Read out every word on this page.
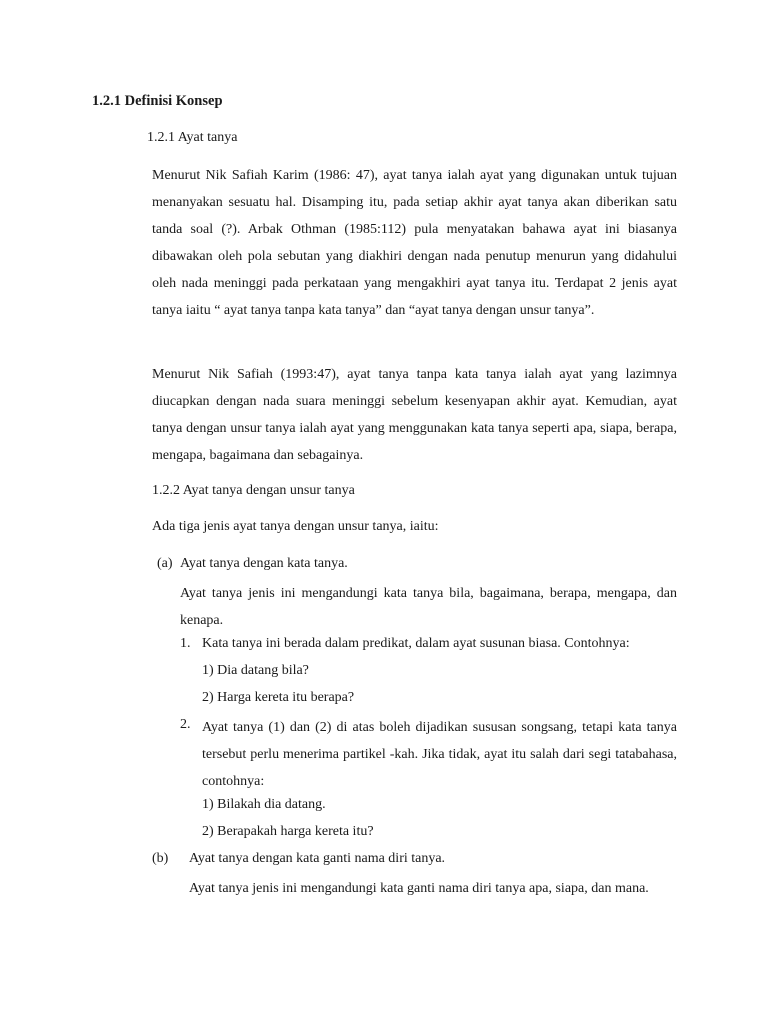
1.2.1 Definisi Konsep
1.2.1 Ayat tanya

Menurut Nik Safiah Karim (1986: 47), ayat tanya ialah ayat yang digunakan untuk tujuan menanyakan sesuatu hal. Disamping itu, pada setiap akhir ayat tanya akan diberikan satu tanda soal (?). Arbak Othman (1985:112) pula menyatakan bahawa ayat ini biasanya dibawakan oleh pola sebutan yang diakhiri dengan nada penutup menurun yang didahului oleh nada meninggi pada perkataan yang mengakhiri ayat tanya itu. Terdapat 2 jenis ayat tanya iaitu “ ayat tanya tanpa kata tanya” dan “ayat tanya dengan unsur tanya”.

Menurut Nik Safiah (1993:47), ayat tanya tanpa kata tanya ialah ayat yang lazimnya diucapkan dengan nada suara meninggi sebelum kesenyapan akhir ayat. Kemudian, ayat tanya dengan unsur tanya ialah ayat yang menggunakan kata tanya seperti apa, siapa, berapa, mengapa, bagaimana dan sebagainya.

1.2.2 Ayat tanya dengan unsur tanya
Ada tiga jenis ayat tanya dengan unsur tanya, iaitu:
(a) Ayat tanya dengan kata tanya.

Ayat tanya jenis ini mengandungi kata tanya bila, bagaimana, berapa, mengapa, dan kenapa.

1. Kata tanya ini berada dalam predikat, dalam ayat susunan biasa. Contohnya:
1) Dia datang bila?
2) Harga kereta itu berapa?
2. Ayat tanya (1) dan (2) di atas boleh dijadikan sususan songsang, tetapi kata tanya tersebut perlu menerima partikel -kah. Jika tidak, ayat itu salah dari segi tatabahasa, contohnya:

1) Bilakah dia datang.
2) Berapakah harga kereta itu?
(b) Ayat tanya dengan kata ganti nama diri tanya.

Ayat tanya jenis ini mengandungi kata ganti nama diri tanya apa, siapa, dan mana.
